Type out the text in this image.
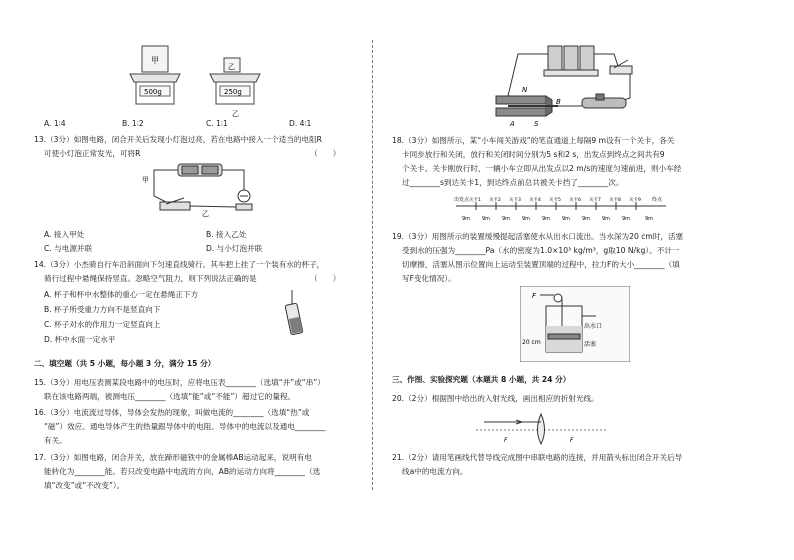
甲
500g
乙
250g
乙
A. 1∶4	B. 1∶2	C. 1∶1	D. 4∶1
13.（3分）如图电路，闭合开关后发现小灯泡过亮，若在电路中接入一个适当的电阻R
可使小灯泡正常发光，可将R	（　　）
甲
乙
A. 接入甲处	B. 接入乙处
C. 与电源并联	D. 与小灯泡并联
14.（3分）小杰骑自行车沿斜面向下匀速直线骑行。其车把上挂了一个装有水的杯子，
骑行过程中悬绳保持竖直。忽略空气阻力，则下列说法正确的是	（　　）
A. 杯子和杯中水整体的重心一定在悬绳正下方
B. 杯子所受重力方向不是竖直向下
C. 杯子对水的作用力一定竖直向上
D. 杯中水面一定水平
二、填空题（共 5 小题，每小题 3 分，满分 15 分）
15.（3分）用电压表测某段电路中的电压时，应将电压表________（选填“并”或“串”）
联在该电路两端，被测电压________（选填“能”或“不能”）超过它的量程。
16.（3分）电流流过导体，导体会发热的现象，叫做电流的________（选填“热”或
“磁”）效应。通电导体产生的热量跟导体中的电阻、导体中的电流以及通电________
有关。
17.（3分）如图电路，闭合开关，放在蹄形磁铁中的金属棒AB运动起来，说明有电
能转化为________能。若只改变电路中电流的方向，AB的运动方向将________（选
填“改变”或“不改变”）。
N
B
A	S
18.（3分）如图所示，某“小车闯关游戏”的笔直通道上每隔9 m设有一个关卡，各关
卡同步放行和关闭，放行和关闭时间分别为5 s和2 s，出发点到终点之间共有9
个关卡。关卡刚放行时，一辆小车立即从出发点以2 m/s的速度匀速前进，则小车经
过________s到达关卡1，到达终点前总共被关卡挡了________次。
出发点	终点
关卡1 关卡2 关卡3 关卡4 关卡5 关卡6 关卡7 关卡8 关卡9
9m 9m 9m 9m 9m 9m 9m 9m 9m	9m
19.（3分）用图所示的装置缓慢提起活塞使水从出水口流出。当水深为20 cm时，活塞
受到水的压强为________Pa（水的密度为1.0×10³ kg/m³，g取10 N/kg）。不计一
切摩擦，活塞从图示位置向上运动至装置顶端的过程中，拉力F的大小________（填
写F变化情况）。
F
出水口
20 cm	活塞
三、作图、实验探究题（本题共 8 小题，共 24 分）
20.（2分）根据图中给出的入射光线，画出相应的折射光线。
F	F
21.（2分）请用笔画线代替导线完成图中串联电路的连接，并用箭头标出闭合开关后导
线a中的电流方向。
